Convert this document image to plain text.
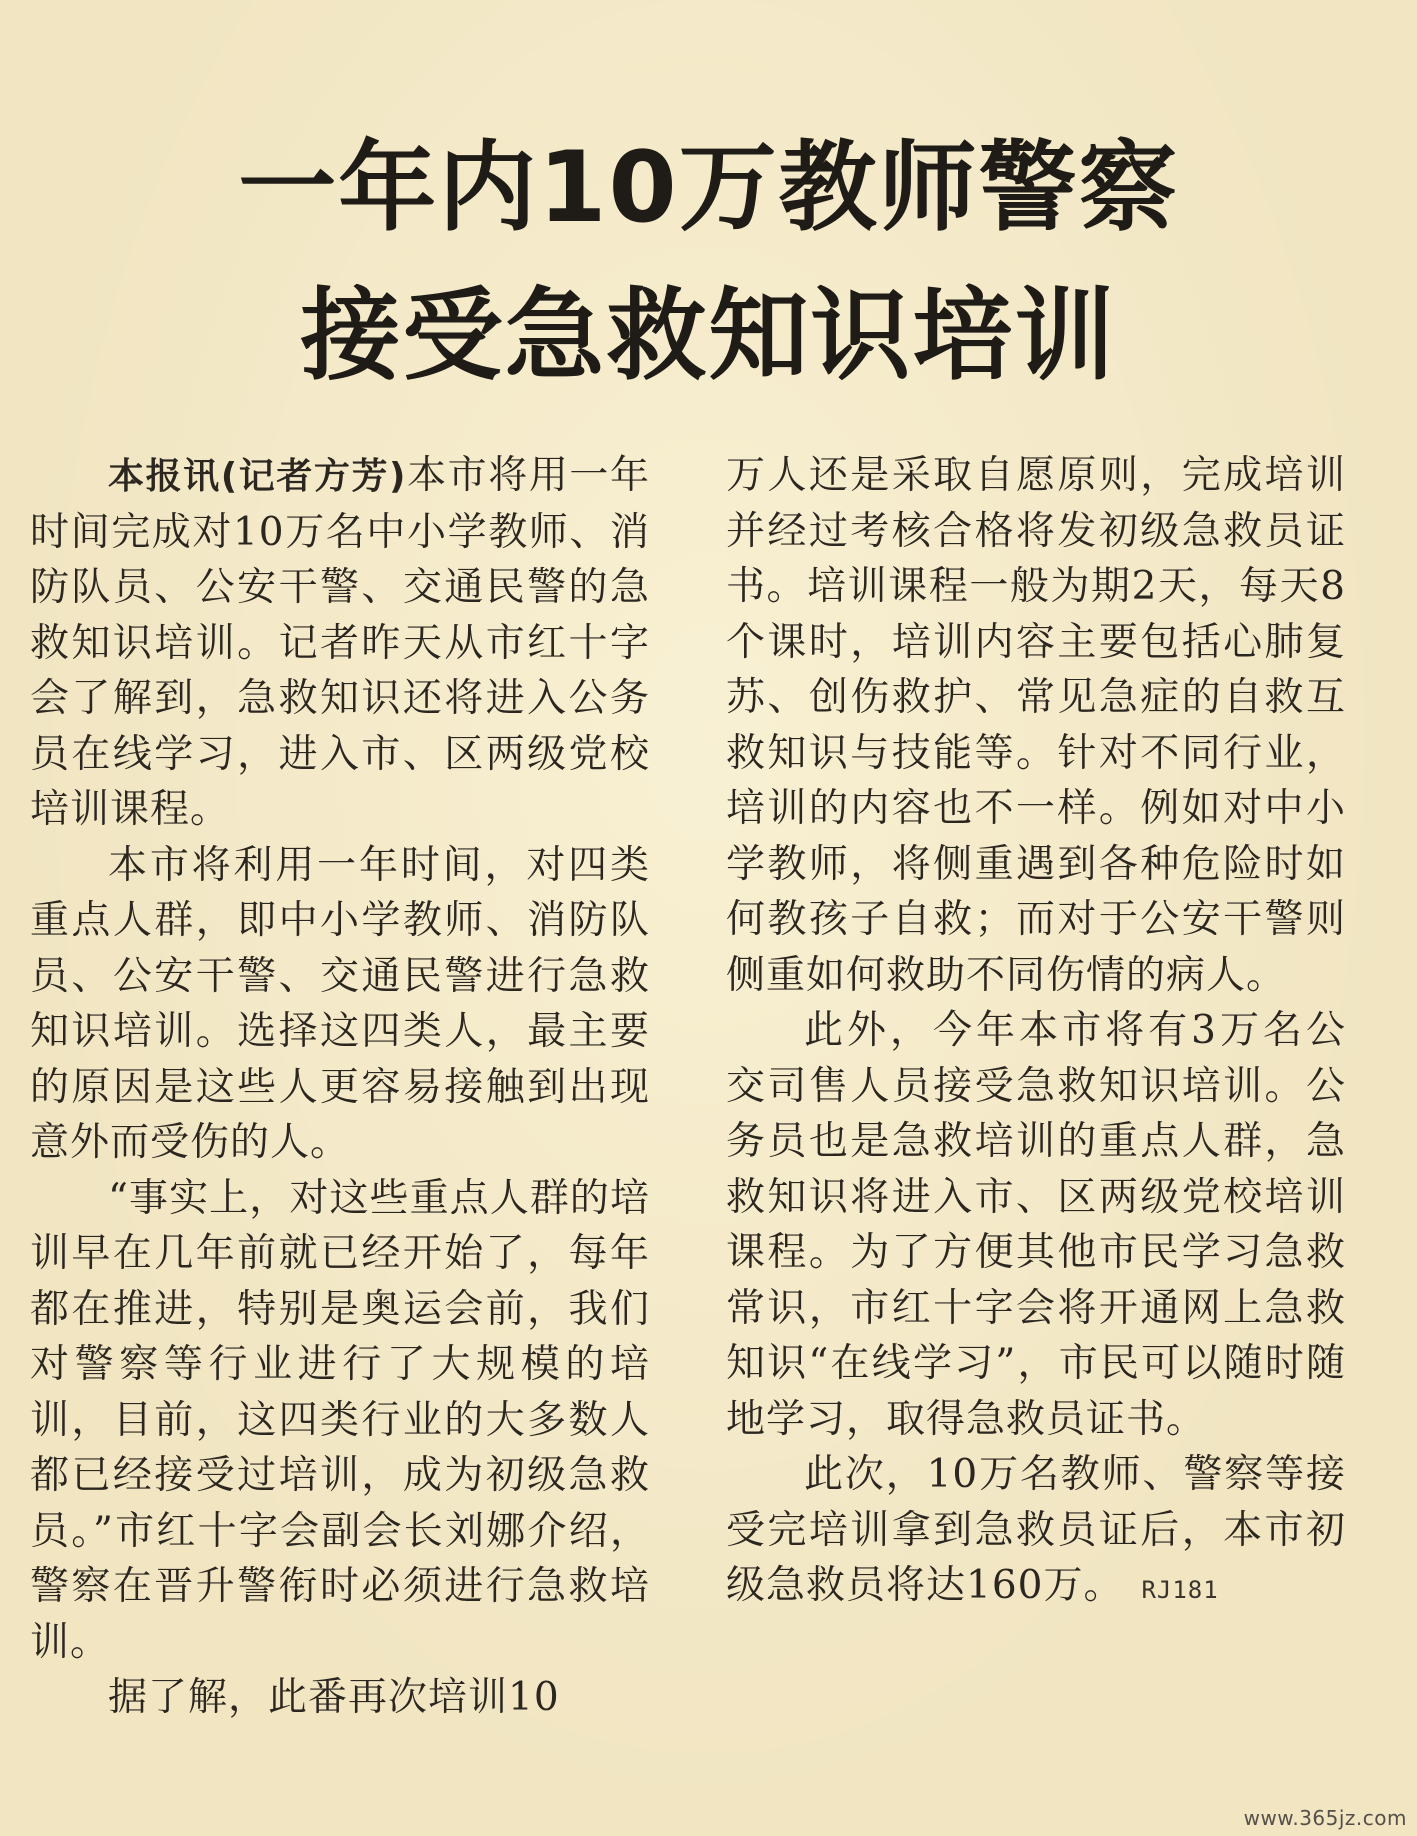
一年内10万教师警察
接受急救知识培训

本报讯(记者方芳)本市将用一年时间完成对10万名中小学教师、消防队员、公安干警、交通民警的急救知识培训。记者昨天从市红十字会了解到，急救知识还将进入公务员在线学习，进入市、区两级党校培训课程。

本市将利用一年时间，对四类重点人群，即中小学教师、消防队员、公安干警、交通民警进行急救知识培训。选择这四类人，最主要的原因是这些人更容易接触到出现意外而受伤的人。

“事实上，对这些重点人群的培训早在几年前就已经开始了，每年都在推进，特别是奥运会前，我们对警察等行业进行了大规模的培训，目前，这四类行业的大多数人都已经接受过培训，成为初级急救员。”市红十字会副会长刘娜介绍，警察在晋升警衔时必须进行急救培训。

据了解，此番再次培训10

万人还是采取自愿原则，完成培训并经过考核合格将发初级急救员证书。培训课程一般为期2天，每天8个课时，培训内容主要包括心肺复苏、创伤救护、常见急症的自救互救知识与技能等。针对不同行业，培训的内容也不一样。例如对中小学教师，将侧重遇到各种危险时如何教孩子自救；而对于公安干警则侧重如何救助不同伤情的病人。

此外，今年本市将有3万名公交司售人员接受急救知识培训。公务员也是急救培训的重点人群，急救知识将进入市、区两级党校培训课程。为了方便其他市民学习急救常识，市红十字会将开通网上急救知识“在线学习”，市民可以随时随地学习，取得急救员证书。

此次，10万名教师、警察等接受完培训拿到急救员证后，本市初级急救员将达160万。 RJ181

www.365jz.com
